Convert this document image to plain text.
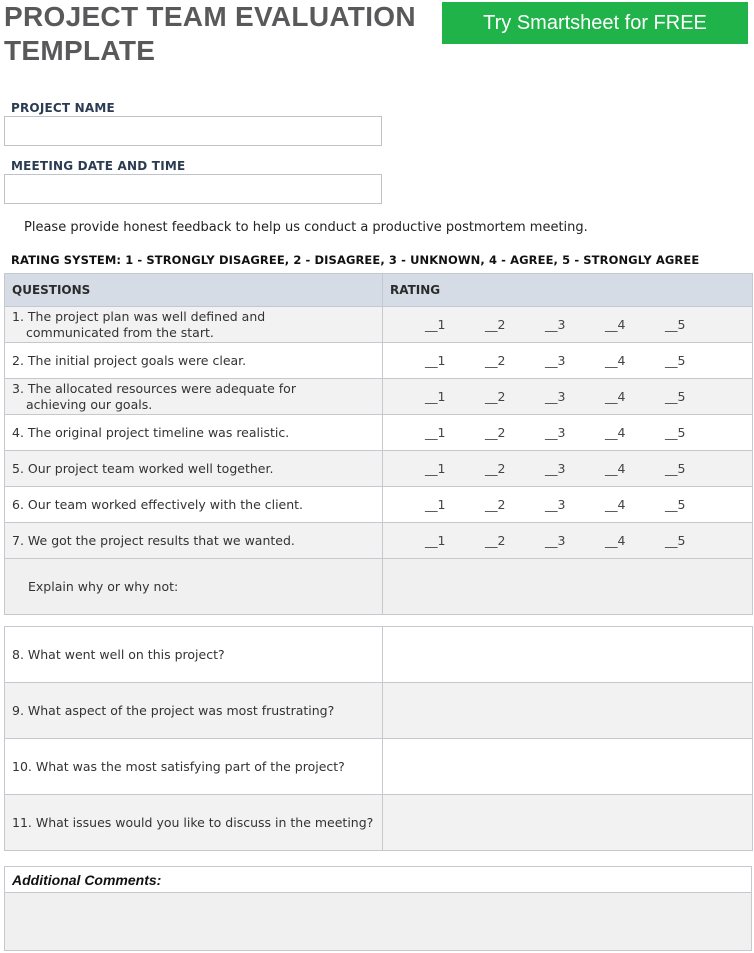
PROJECT TEAM EVALUATION TEMPLATE
Try Smartsheet for FREE
PROJECT NAME
MEETING DATE AND TIME
Please provide honest feedback to help us conduct a productive postmortem meeting.
RATING SYSTEM: 1 - STRONGLY DISAGREE, 2 - DISAGREE, 3 - UNKNOWN, 4 - AGREE, 5 - STRONGLY AGREE
QUESTIONS	RATING

1. The project plan was well defined and
communicated from the start.	__1 __2 __3 __4 __5

2. The initial project goals were clear.	__1 __2 __3 __4 __5

3. The allocated resources were adequate for
achieving our goals.	__1 __2 __3 __4 __5

4. The original project timeline was realistic.	__1 __2 __3 __4 __5

5. Our project team worked well together.	__1 __2 __3 __4 __5

6. Our team worked effectively with the client.	__1 __2 __3 __4 __5

7. We got the project results that we wanted.	__1 __2 __3 __4 __5
Explain why or why not:	
8. What went well on this project?	
9. What aspect of the project was most frustrating?	
10. What was the most satisfying part of the project?	
11. What issues would you like to discuss in the meeting?	
Additional Comments:
